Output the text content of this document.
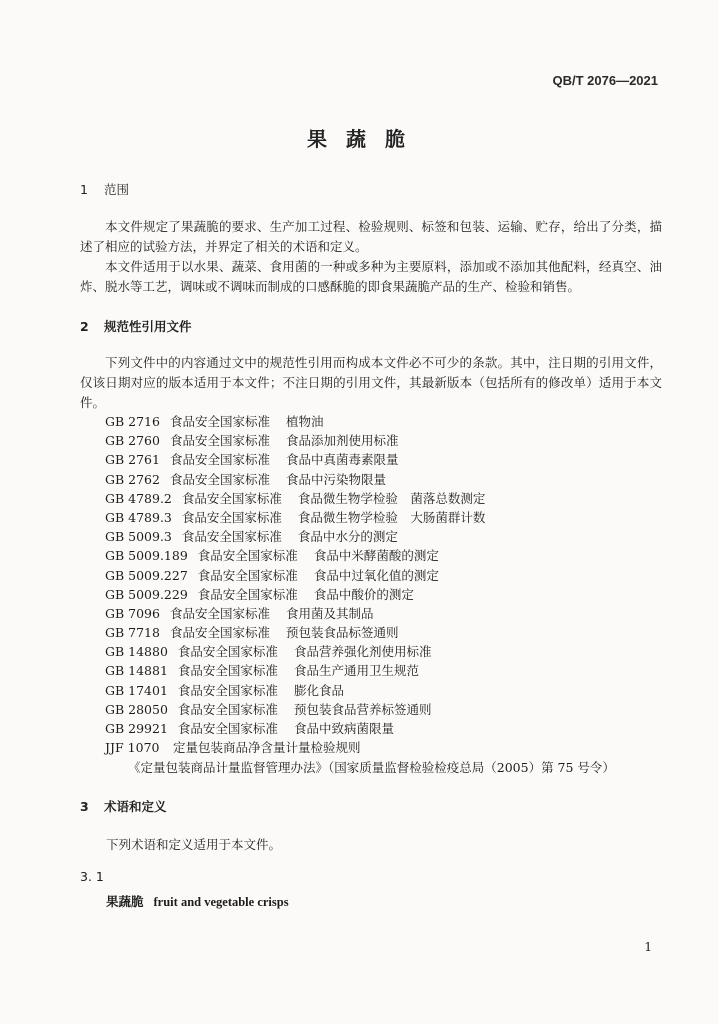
QB/T 2076—2021
果 蔬 脆
1 范围

本文件规定了果蔬脆的要求、生产加工过程、检验规则、标签和包装、运输、贮存，给出了分类，描述了相应的试验方法，并界定了相关的术语和定义。

本文件适用于以水果、蔬菜、食用菌的一种或多种为主要原料，添加或不添加其他配料，经真空、油炸、脱水等工艺，调味或不调味而制成的口感酥脆的即食果蔬脆产品的生产、检验和销售。

2 规范性引用文件

下列文件中的内容通过文中的规范性引用而构成本文件必不可少的条款。其中，注日期的引用文件，仅该日期对应的版本适用于本文件；不注日期的引用文件，其最新版本（包括所有的修改单）适用于本文件。

GB 2716 食品安全国家标准 植物油
GB 2760 食品安全国家标准 食品添加剂使用标准
GB 2761 食品安全国家标准 食品中真菌毒素限量
GB 2762 食品安全国家标准 食品中污染物限量
GB 4789.2 食品安全国家标准 食品微生物学检验　菌落总数测定
GB 4789.3 食品安全国家标准 食品微生物学检验　大肠菌群计数
GB 5009.3 食品安全国家标准 食品中水分的测定
GB 5009.189 食品安全国家标准 食品中米酵菌酸的测定
GB 5009.227 食品安全国家标准 食品中过氧化值的测定
GB 5009.229 食品安全国家标准 食品中酸价的测定
GB 7096 食品安全国家标准 食用菌及其制品
GB 7718 食品安全国家标准 预包装食品标签通则
GB 14880 食品安全国家标准 食品营养强化剂使用标准
GB 14881 食品安全国家标准 食品生产通用卫生规范
GB 17401 食品安全国家标准 膨化食品
GB 28050 食品安全国家标准 预包装食品营养标签通则
GB 29921 食品安全国家标准 食品中致病菌限量
JJF 1070 定量包装商品净含量计量检验规则
《定量包装商品计量监督管理办法》（国家质量监督检验检疫总局（2005）第 75 号令）
3 术语和定义
下列术语和定义适用于本文件。
3. 1
果蔬脆 fruit and vegetable crisps
1
